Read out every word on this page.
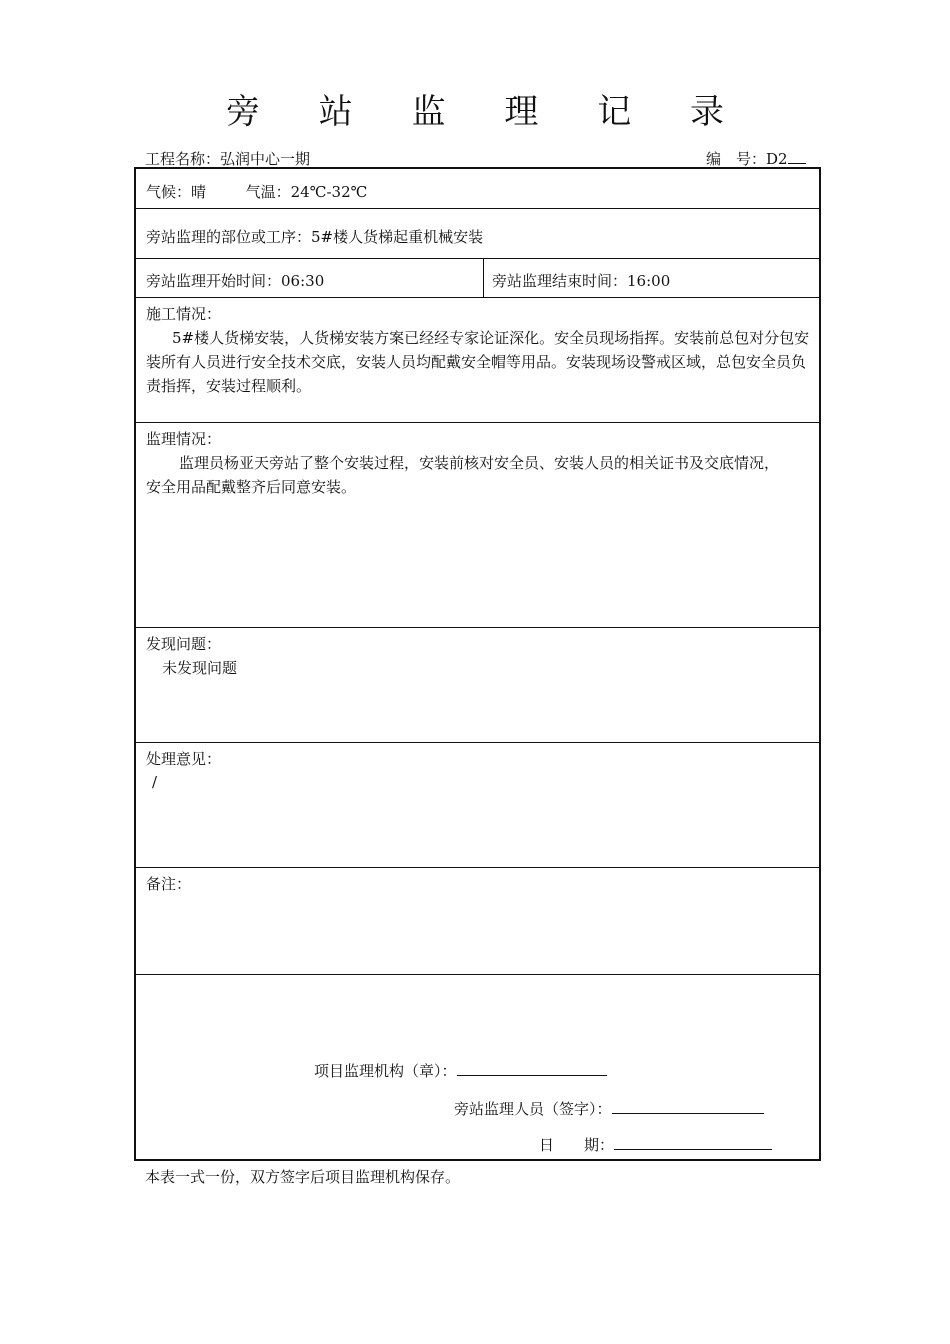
旁 站 监 理 记 录
工程名称：弘润中心一期	编　号：D2
气候：晴	气温：24℃-32℃
旁站监理的部位或工序：5#楼人货梯起重机械安装
旁站监理开始时间：06:30	旁站监理结束时间：16:00
施工情况：
5#楼人货梯安装，人货梯安装方案已经经专家论证深化。安全员现场指挥。安装前总包对分包安装所有人员进行安全技术交底，安装人员均配戴安全帽等用品。安装现场设警戒区域，总包安全员负责指挥，安装过程顺利。
监理情况：
监理员杨亚天旁站了整个安装过程，安装前核对安全员、安装人员的相关证书及交底情况，安全用品配戴整齐后同意安装。
发现问题：
未发现问题
处理意见：
/
备注：
项目监理机构（章）：
旁站监理人员（签字）：
日　　期：
本表一式一份，双方签字后项目监理机构保存。
